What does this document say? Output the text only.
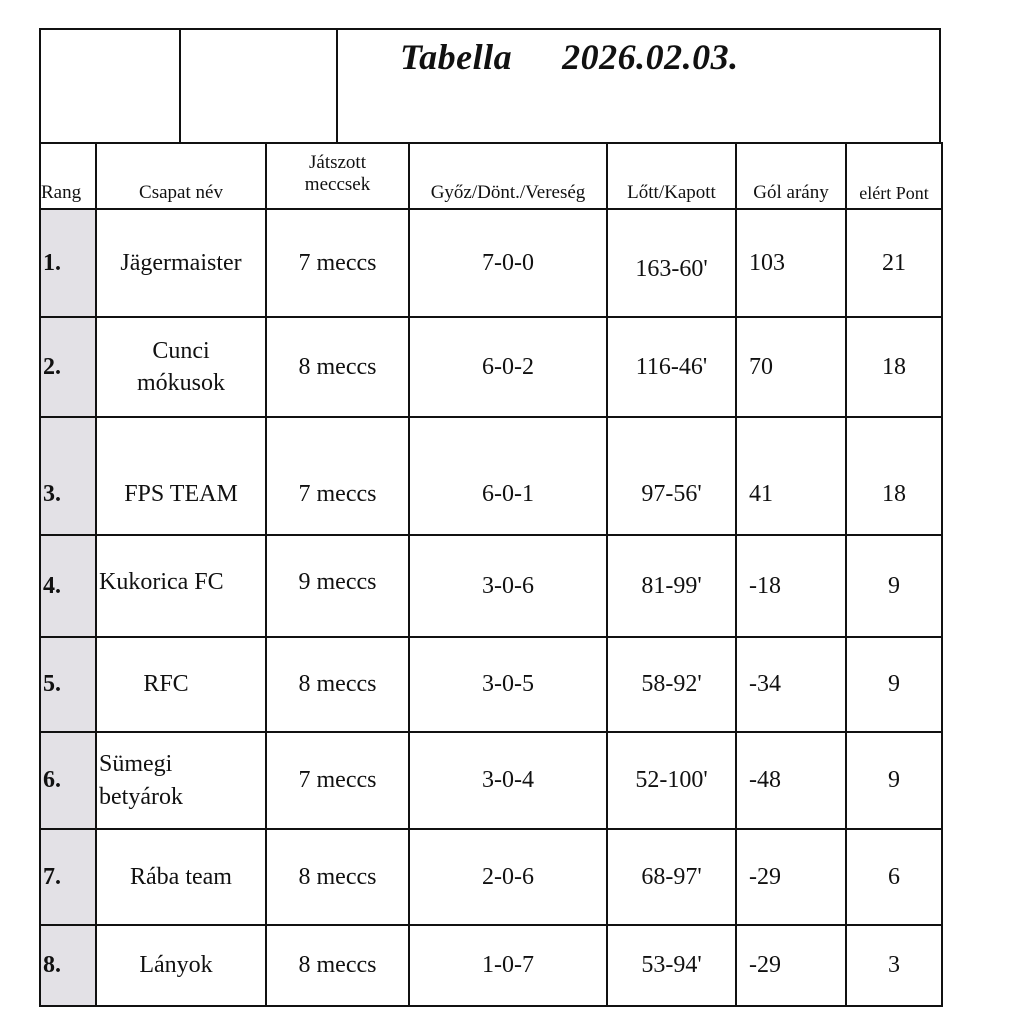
Tabella 2026.02.03.
Rang	Csapat név	Játszott meccsek	Győz/Dönt./Vereség	Lőtt/Kapott	Gól arány	elért Pont
1.	Jägermaister	7 meccs	7-0-0	163-60'	103	21
2.	Cunci mókusok	8 meccs	6-0-2	116-46'	70	18
3.	FPS TEAM	7 meccs	6-0-1	97-56'	41	18
4.	Kukorica FC	9 meccs	3-0-6	81-99'	-18	9
5.	RFC	8 meccs	3-0-5	58-92'	-34	9
6.	Sümegi betyárok	7 meccs	3-0-4	52-100'	-48	9
7.	Rába team	8 meccs	2-0-6	68-97'	-29	6
8.	Lányok	8 meccs	1-0-7	53-94'	-29	3
